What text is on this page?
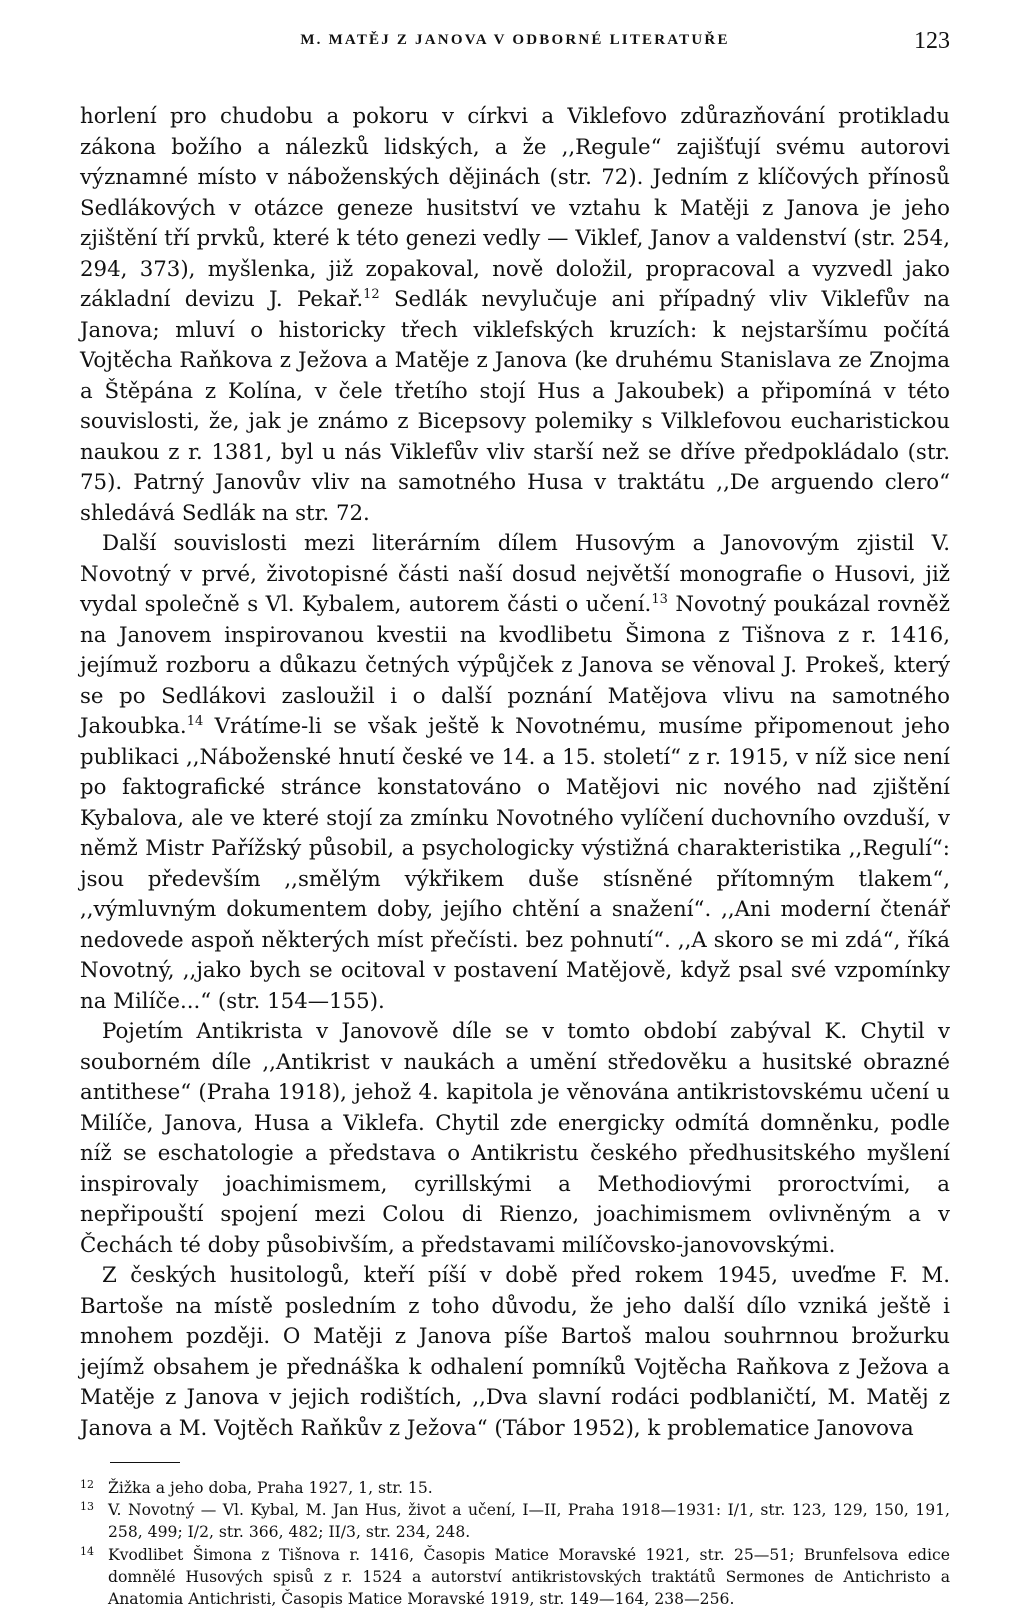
M. MATĚJ Z JANOVA V ODBORNÉ LITERATUŘE	123

horlení pro chudobu a pokoru v církvi a Viklefovo zdůrazňování protikladu zákona božího a nálezků lidských, a že ,,Regule“ zajišťují svému autorovi významné místo v náboženských dějinách (str. 72). Jedním z klíčových přínosů Sedlákových v otázce geneze husitství ve vztahu k Matěji z Janova je jeho zjištění tří prvků, které k této genezi vedly — Viklef, Janov a valdenství (str. 254, 294, 373), myšlenka, již zopakoval, nově doložil, propracoval a vyzvedl jako základní devizu J. Pekař.$^{12}$ Sedlák nevylučuje ani případný vliv Viklefův na Janova; mluví o historicky třech viklefských kruzích: k nejstaršímu počítá Vojtěcha Raňkova z Ježova a Matěje z Janova (ke druhému Stanislava ze Znojma a Štěpána z Kolína, v čele třetího stojí Hus a Jakoubek) a připomíná v této souvislosti, že, jak je známo z Bicepsovy polemiky s Vilklefovou eucharistickou naukou z r. 1381, byl u nás Viklefův vliv starší než se dříve předpokládalo (str. 75). Patrný Janovův vliv na samotného Husa v traktátu ,,De arguendo clero“ shledává Sedlák na str. 72.

Další souvislosti mezi literárním dílem Husovým a Janovovým zjistil V. Novotný v prvé, životopisné části naší dosud největší monografie o Husovi, již vydal společně s Vl. Kybalem, autorem části o učení.$^{13}$ Novotný poukázal rovněž na Janovem inspirovanou kvestii na kvodlibetu Šimona z Tišnova z r. 1416, jejímuž rozboru a důkazu četných výpůjček z Janova se věnoval J. Prokeš, který se po Sedlákovi zasloužil i o další poznání Matějova vlivu na samotného Jakoubka.$^{14}$ Vrátíme-li se však ještě k Novotnému, musíme připomenout jeho publikaci ,,Náboženské hnutí české ve 14. a 15. století“ z r. 1915, v níž sice není po faktografické stránce konstatováno o Matějovi nic nového nad zjištění Kybalova, ale ve které stojí za zmínku Novotného vylíčení duchovního ovzduší, v němž Mistr Pařížský působil, a psychologicky výstižná charakteristika ,,Regulí“: jsou především ,,smělým výkřikem duše stísněné přítomným tlakem“, ,,výmluvným dokumentem doby, jejího chtění a snažení“. ,,Ani moderní čtenář nedovede aspoň některých míst přečísti. bez pohnutí“. ,,A skoro se mi zdá“, říká Novotný, ,,jako bych se ocitoval v postavení Matějově, když psal své vzpomínky na Milíče...“ (str. 154—155).

Pojetím Antikrista v Janovově díle se v tomto období zabýval K. Chytil v souborném díle ,,Antikrist v naukách a umění středověku a husitské obrazné antithese“ (Praha 1918), jehož 4. kapitola je věnována antikristovskému učení u Milíče, Janova, Husa a Viklefa. Chytil zde energicky odmítá domněnku, podle níž se eschatologie a představa o Antikristu českého předhusitského myšlení inspirovaly joachimismem, cyrillskými a Methodiovými proroctvími, a nepřipouští spojení mezi Colou di Rienzo, joachimismem ovlivněným a v Čechách té doby působivším, a představami milíčovsko-janovovskými.

Z českých husitologů, kteří píší v době před rokem 1945, uveďme F. M. Bartoše na místě posledním z toho důvodu, že jeho další dílo vzniká ještě i mnohem později. O Matěji z Janova píše Bartoš malou souhrnnou brožurku jejímž obsahem je přednáška k odhalení pomníků Vojtěcha Raňkova z Ježova a Matěje z Janova v jejich rodištích, ,,Dva slavní rodáci podblaničtí, M. Matěj z Janova a M. Vojtěch Raňkův z Ježova“ (Tábor 1952), k problematice Janovova

12 Žižka a jeho doba, Praha 1927, 1, str. 15.
13 V. Novotný — Vl. Kybal, M. Jan Hus, život a učení, I—II, Praha 1918—1931: I/1, str. 123, 129, 150, 191, 258, 499; I/2, str. 366, 482; II/3, str. 234, 248.
14 Kvodlibet Šimona z Tišnova r. 1416, Časopis Matice Moravské 1921, str. 25—51; Brunfelsova edice domnělé Husových spisů z r. 1524 a autorství antikristovských traktátů Sermones de Antichristo a Anatomia Antichristi, Časopis Matice Moravské 1919, str. 149—164, 238—256.
